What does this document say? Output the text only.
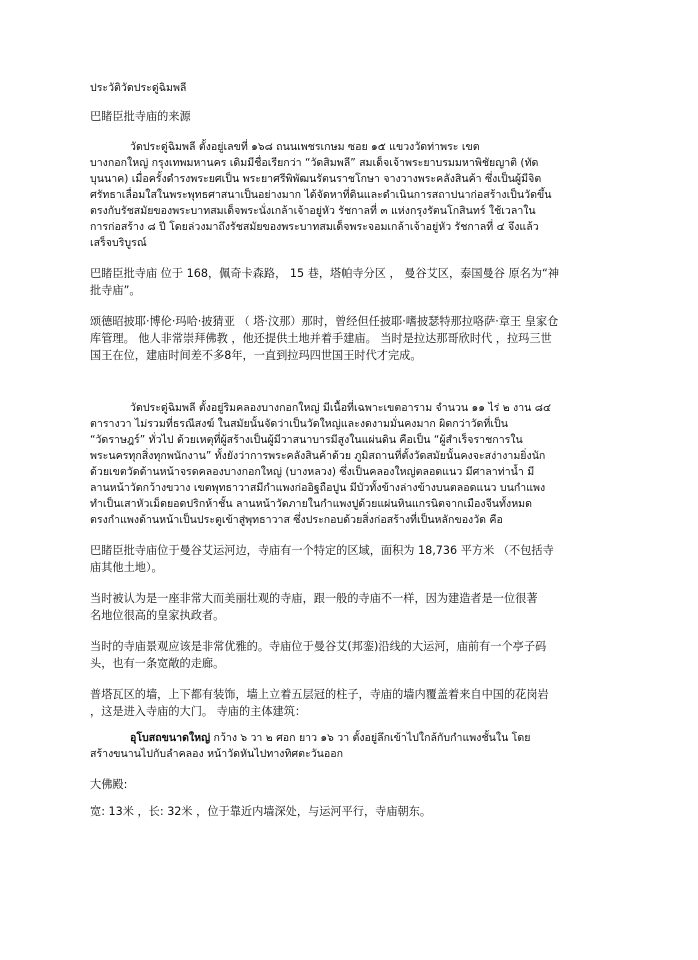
ประวัติวัดประดู่ฉิมพลี
巴睹臣批寺庙的来源
วัดประดู่ฉิมพลี ตั้งอยู่เลขที่ ๑๖๘ ถนนเพชรเกษม ซอย ๑๕ แขวงวัดท่าพระ เขต
บางกอกใหญ่ กรุงเทพมหานคร เดิมมีชื่อเรียกว่า “วัดสิมพลี” สมเด็จเจ้าพระยาบรมมหาพิชัยญาติ (ทัด
บุนนาค) เมื่อครั้งดำรงพระยศเป็น พระยาศรีพิพัฒนรัตนราชโกษา จางวางพระคลังสินค้า ซึ่งเป็นผู้มีจิต
ศรัทธาเลื่อมใสในพระพุทธศาสนาเป็นอย่างมาก ได้จัดหาที่ดินและดำเนินการสถาปนาก่อสร้างเป็นวัดขึ้น
ตรงกับรัชสมัยของพระบาทสมเด็จพระนั่งเกล้าเจ้าอยู่หัว รัชกาลที่ ๓ แห่งกรุงรัตนโกสินทร์ ใช้เวลาใน
การก่อสร้าง ๘ ปี โดยล่วงมาถึงรัชสมัยของพระบาทสมเด็จพระจอมเกล้าเจ้าอยู่หัว รัชกาลที่ ๔ จึงแล้ว
เสร็จบริบูรณ์
巴睹臣批寺庙 位于 168，佩奇卡森路， 15 巷，塔帕寺分区 ， 曼谷艾区，泰国曼谷 原名为“神
批寺庙”。
颂德昭披耶·博伦·玛哈·披猜亚 （ 塔·汶那）那时，曾经但任披耶·嗜披瑟特那拉咯萨·章王 皇家仓
库管理。 他人非常崇拜佛教 ，他还提供土地并着手建庙。 当时是拉达那哥欣时代 ，拉玛三世
国王在位，建庙时间差不多8年，一直到拉玛四世国王时代才完成。
วัดประดู่ฉิมพลี ตั้งอยู่ริมคลองบางกอกใหญ่ มีเนื้อที่เฉพาะเขตอาราม จำนวน ๑๑ ไร่ ๒ งาน ๘๔
ตารางวา ไม่รวมที่ธรณีสงฆ์ ในสมัยนั้นจัดว่าเป็นวัดใหญ่และงดงามมั่นคงมาก ผิดกว่าวัดที่เป็น
“วัดราษฎร์” ทั่วไป ด้วยเหตุที่ผู้สร้างเป็นผู้มีวาสนาบารมีสูงในแผ่นดิน คือเป็น “ผู้สำเร็จราชการใน
พระนครทุกสิ่งทุกพนักงาน” ทั้งยังว่าการพระคลังสินค้าด้วย ภูมิสถานที่ตั้งวัดสมัยนั้นคงจะสง่างามยิ่งนัก
ด้วยเขตวัดด้านหน้าจรดคลองบางกอกใหญ่ (บางหลวง) ซึ่งเป็นคลองใหญ่ตลอดแนว มีศาลาท่าน้ำ มี
ลานหน้าวัดกว้างขวาง เขตพุทธาวาสมีกำแพงก่ออิฐถือปูน มีบัวทั้งข้างล่างข้างบนตลอดแนว บนกำแพง
ทำเป็นเสาหัวเม็ดยอดปริกห้าชั้น ลานหน้าวัดภายในกำแพงปูด้วยแผ่นหินแกรนิตจากเมืองจีนทั้งหมด
ตรงกำแพงด้านหน้าเป็นประตูเข้าสู่พุทธาวาส ซึ่งประกอบด้วยสิ่งก่อสร้างที่เป็นหลักของวัด คือ
巴睹臣批寺庙位于曼谷艾运河边，寺庙有一个特定的区域，面积为 18,736 平方米 （不包括寺
庙其他土地）。
当时被认为是一座非常大而美丽壮观的寺庙，跟一般的寺庙不一样，因为建造者是一位很著
名地位很高的皇家执政者。
当时的寺庙景观应该是非常优雅的。寺庙位于曼谷艾(邦銮)沿线的大运河，庙前有一个亭子码
头，也有一条宽敞的走廊。
普塔瓦区的墙，上下都有装饰，墙上立着五层冠的柱子，寺庙的墙内覆盖着来自中国的花岗岩
，这是进入寺庙的大门。 寺庙的主体建筑：
อุโบสถขนาดใหญ่ กว้าง ๖ วา ๒ ศอก ยาว ๑๖ วา ตั้งอยู่ลึกเข้าไปใกล้กับกำแพงชั้นใน โดย
สร้างขนานไปกับลำคลอง หน้าวัดหันไปทางทิศตะวันออก
大佛殿:
宽: 13米 ，长: 32米 ，位于靠近内墙深处，与运河平行，寺庙朝东。
